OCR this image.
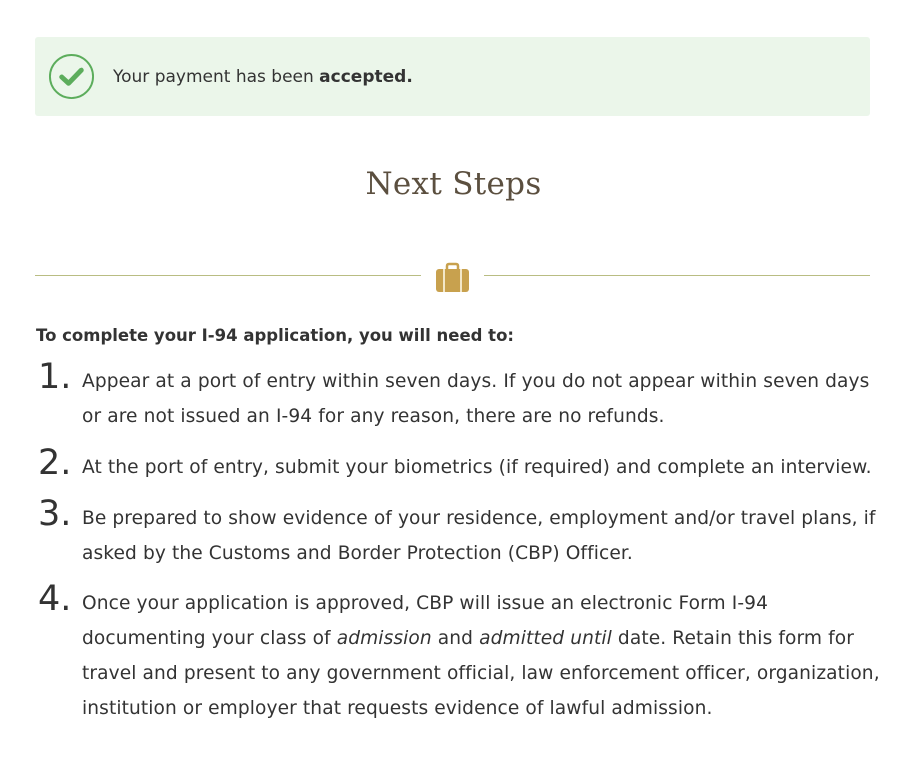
Your payment has been accepted.
Next Steps
To complete your I-94 application, you will need to:
1. Appear at a port of entry within seven days. If you do not appear within seven days or are not issued an I-94 for any reason, there are no refunds.
2. At the port of entry, submit your biometrics (if required) and complete an interview.
3. Be prepared to show evidence of your residence, employment and/or travel plans, if asked by the Customs and Border Protection (CBP) Officer.
4. Once your application is approved, CBP will issue an electronic Form I-94 documenting your class of admission and admitted until date. Retain this form for travel and present to any government official, law enforcement officer, organization, institution or employer that requests evidence of lawful admission.
